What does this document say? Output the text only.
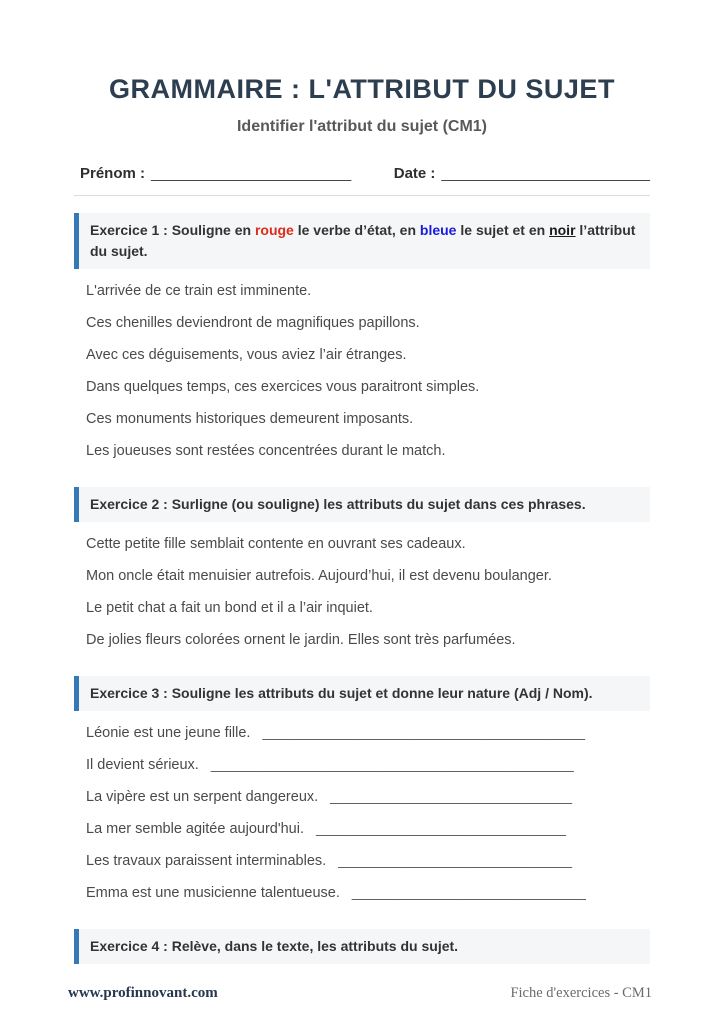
GRAMMAIRE : L'ATTRIBUT DU SUJET
Identifier l'attribut du sujet (CM1)
Prénom : ________________________	Date : _________________________
Exercice 1 : Souligne en rouge le verbe d’état, en bleue le sujet et en noir l’attribut du sujet.

L'arrivée de ce train est imminente.

Ces chenilles deviendront de magnifiques papillons.

Avec ces déguisements, vous aviez l’air étranges.

Dans quelques temps, ces exercices vous paraitront simples.

Ces monuments historiques demeurent imposants.

Les joueuses sont restées concentrées durant le match.

Exercice 2 : Surligne (ou souligne) les attributs du sujet dans ces phrases.

Cette petite fille semblait contente en ouvrant ses cadeaux.

Mon oncle était menuisier autrefois. Aujourd’hui, il est devenu boulanger.

Le petit chat a fait un bond et il a l’air inquiet.

De jolies fleurs colorées ornent le jardin. Elles sont très parfumées.

Exercice 3 : Souligne les attributs du sujet et donne leur nature (Adj / Nom).
Léonie est une jeune fille. ________________________________________
Il devient sérieux. _____________________________________________
La vipère est un serpent dangereux. ______________________________
La mer semble agitée aujourd'hui. _______________________________
Les travaux paraissent interminables. _____________________________
Emma est une musicienne talentueuse. _____________________________
Exercice 4 : Relève, dans le texte, les attributs du sujet.
www.profinnovant.com	Fiche d'exercices - CM1
